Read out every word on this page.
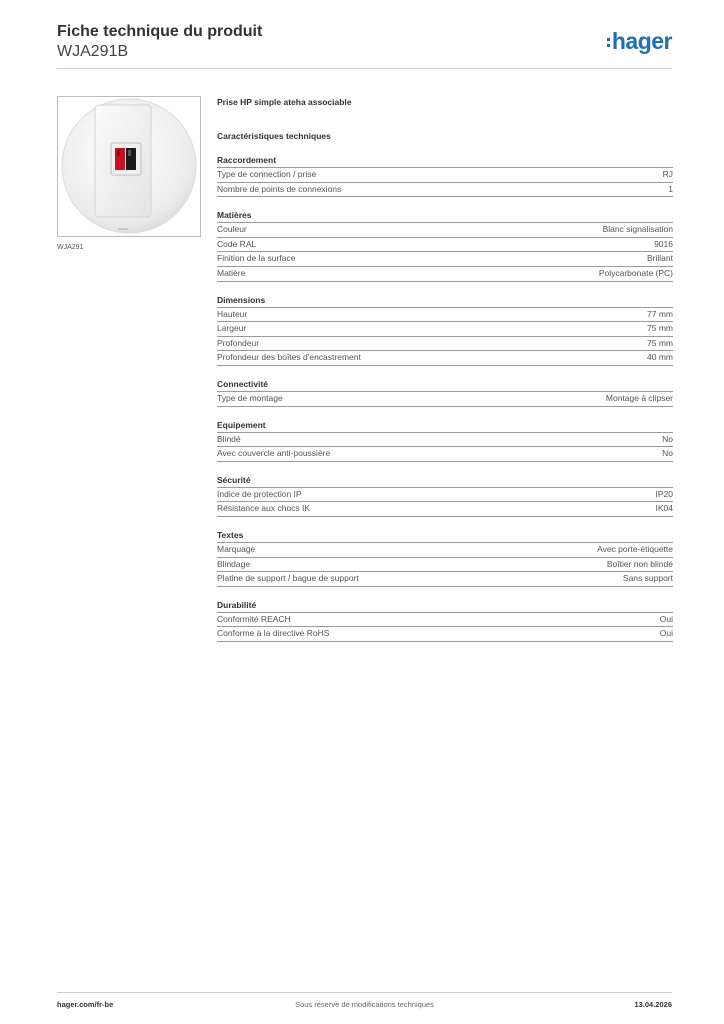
Fiche technique du produit
WJA291B	hager
WJA291
Prise HP simple ateha associable
Caractéristiques techniques
Raccordement
Type de connection / prise	RJ
Nombre de points de connexions	1
Matières
Couleur	Blanc signalisation
Code RAL	9016
Finition de la surface	Brillant
Matière	Polycarbonate (PC)
Dimensions
Hauteur	77 mm
Largeur	75 mm
Profondeur	75 mm
Profondeur des boîtes d'encastrement	40 mm
Connectivité
Type de montage	Montage à clipser
Equipement
Blindé	No
Avec couvercle anti-poussière	No
Sécurité
Indice de protection IP	IP20
Résistance aux chocs IK	IK04
Textes
Marquage	Avec porte-étiquette
Blindage	Boîtier non blindé
Platine de support / bague de support	Sans support
Durabilité
Conformité REACH	Oui
Conforme à la directive RoHS	Oui
hager.com/fr-be	Sous réserve de modifications techniques	13.04.2026
